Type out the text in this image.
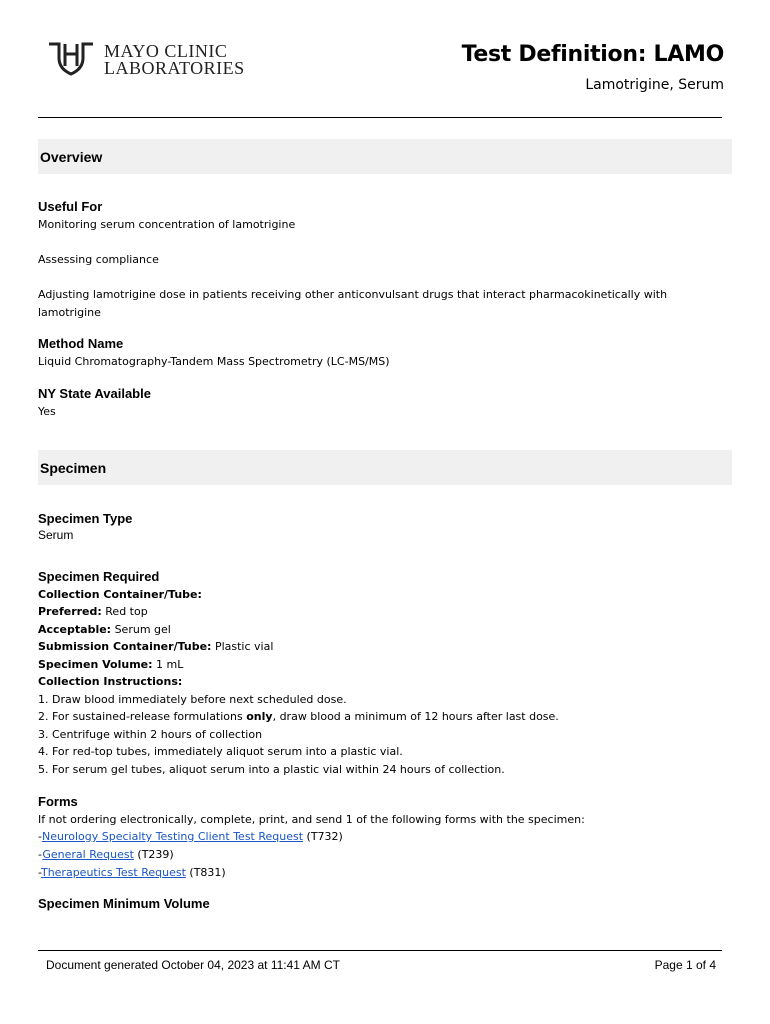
MAYO CLINIC
LABORATORIES
Test Definition: LAMO
Lamotrigine, Serum
Overview
Useful For
Monitoring serum concentration of lamotrigine
Assessing compliance
Adjusting lamotrigine dose in patients receiving other anticonvulsant drugs that interact pharmacokinetically with
lamotrigine
Method Name
Liquid Chromatography-Tandem Mass Spectrometry (LC-MS/MS)
NY State Available
Yes
Specimen
Specimen Type
Serum
Specimen Required
Collection Container/Tube:
Preferred: Red top
Acceptable: Serum gel
Submission Container/Tube: Plastic vial
Specimen Volume: 1 mL
Collection Instructions:
1. Draw blood immediately before next scheduled dose.
2. For sustained-release formulations only, draw blood a minimum of 12 hours after last dose.
3. Centrifuge within 2 hours of collection
4. For red-top tubes, immediately aliquot serum into a plastic vial.
5. For serum gel tubes, aliquot serum into a plastic vial within 24 hours of collection.
Forms
If not ordering electronically, complete, print, and send 1 of the following forms with the specimen:
-Neurology Specialty Testing Client Test Request (T732)
-General Request (T239)
-Therapeutics Test Request (T831)
Specimen Minimum Volume
Document generated October 04, 2023 at 11:41 AM CT	Page 1 of 4
